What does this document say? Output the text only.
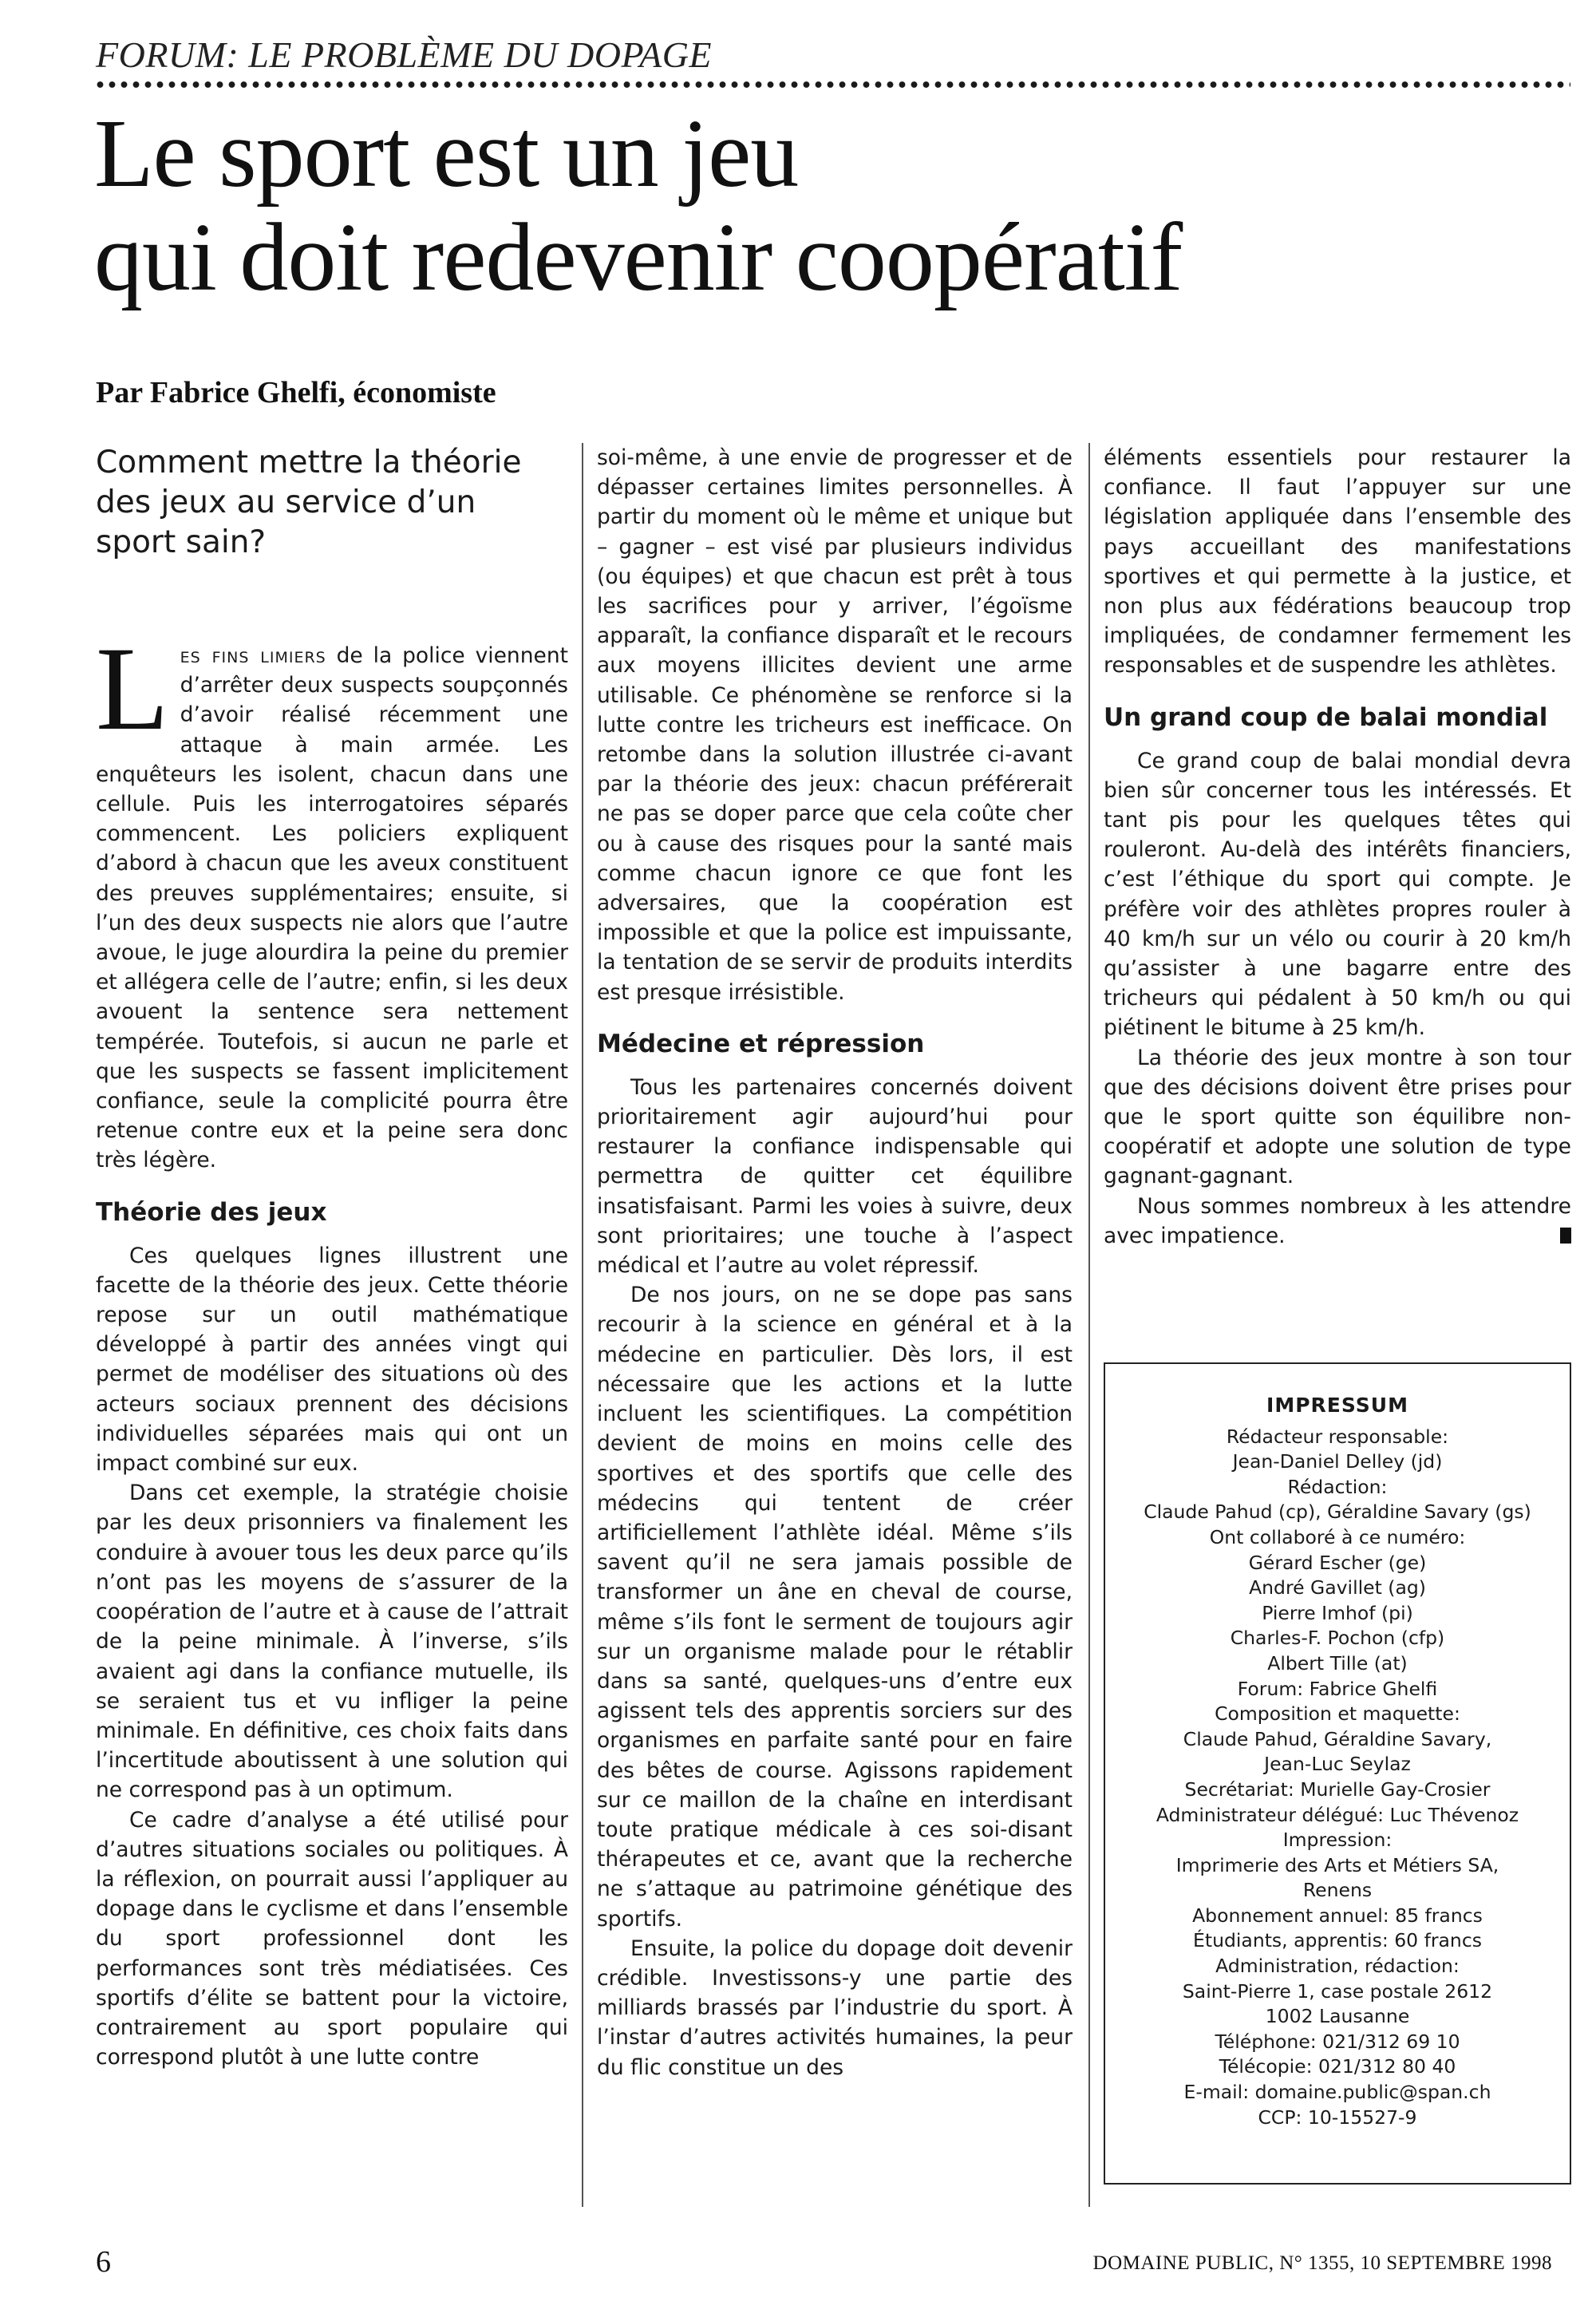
FORUM: LE PROBLÈME DU DOPAGE
Le sport est un jeu
qui doit redevenir coopératif
Par Fabrice Ghelfi, économiste
Comment mettre la théorie
des jeux au service d’un
sport sain?

Les fins limiers de la police viennent d’arrêter deux suspects soupçonnés d’avoir réalisé récemment une attaque à main armée. Les enquêteurs les isolent, chacun dans une cellule. Puis les interrogatoires séparés commencent. Les policiers expliquent d’abord à chacun que les aveux constituent des preuves supplémentaires; ensuite, si l’un des deux suspects nie alors que l’autre avoue, le juge alourdira la peine du premier et allégera celle de l’autre; enfin, si les deux avouent la sentence sera nettement tempérée. Toutefois, si aucun ne parle et que les suspects se fassent implicitement confiance, seule la complicité pourra être retenue contre eux et la peine sera donc très légère.

Théorie des jeux

Ces quelques lignes illustrent une facette de la théorie des jeux. Cette théorie repose sur un outil mathématique développé à partir des années vingt qui permet de modéliser des situations où des acteurs sociaux prennent des décisions individuelles séparées mais qui ont un impact combiné sur eux.

Dans cet exemple, la stratégie choisie par les deux prisonniers va finalement les conduire à avouer tous les deux parce qu’ils n’ont pas les moyens de s’assurer de la coopération de l’autre et à cause de l’attrait de la peine minimale. À l’inverse, s’ils avaient agi dans la confiance mutuelle, ils se seraient tus et vu infliger la peine minimale. En définitive, ces choix faits dans l’incertitude aboutissent à une solution qui ne correspond pas à un optimum.

Ce cadre d’analyse a été utilisé pour d’autres situations sociales ou politiques. À la réflexion, on pourrait aussi l’appliquer au dopage dans le cyclisme et dans l’ensemble du sport professionnel dont les performances sont très médiatisées. Ces sportifs d’élite se battent pour la victoire, contrairement au sport populaire qui correspond plutôt à une lutte contre

soi-même, à une envie de progresser et de dépasser certaines limites personnelles. À partir du moment où le même et unique but – gagner – est visé par plusieurs individus (ou équipes) et que chacun est prêt à tous les sacrifices pour y arriver, l’égoïsme apparaît, la confiance disparaît et le recours aux moyens illicites devient une arme utilisable. Ce phénomène se renforce si la lutte contre les tricheurs est inefficace. On retombe dans la solution illustrée ci-avant par la théorie des jeux: chacun préférerait ne pas se doper parce que cela coûte cher ou à cause des risques pour la santé mais comme chacun ignore ce que font les adversaires, que la coopération est impossible et que la police est impuissante, la tentation de se servir de produits interdits est presque irrésistible.

Médecine et répression

Tous les partenaires concernés doivent prioritairement agir aujourd’hui pour restaurer la confiance indispensable qui permettra de quitter cet équilibre insatisfaisant. Parmi les voies à suivre, deux sont prioritaires; une touche à l’aspect médical et l’autre au volet répressif.

De nos jours, on ne se dope pas sans recourir à la science en général et à la médecine en particulier. Dès lors, il est nécessaire que les actions et la lutte incluent les scientifiques. La compétition devient de moins en moins celle des sportives et des sportifs que celle des médecins qui tentent de créer artificiellement l’athlète idéal. Même s’ils savent qu’il ne sera jamais possible de transformer un âne en cheval de course, même s’ils font le serment de toujours agir sur un organisme malade pour le rétablir dans sa santé, quelques-uns d’entre eux agissent tels des apprentis sorciers sur des organismes en parfaite santé pour en faire des bêtes de course. Agissons rapidement sur ce maillon de la chaîne en interdisant toute pratique médicale à ces soi-disant thérapeutes et ce, avant que la recherche ne s’attaque au patrimoine génétique des sportifs.

Ensuite, la police du dopage doit devenir crédible. Investissons-y une partie des milliards brassés par l’industrie du sport. À l’instar d’autres activités humaines, la peur du flic constitue un des

éléments essentiels pour restaurer la confiance. Il faut l’appuyer sur une législation appliquée dans l’ensemble des pays accueillant des manifestations sportives et qui permette à la justice, et non plus aux fédérations beaucoup trop impliquées, de condamner fermement les responsables et de suspendre les athlètes.

Un grand coup de balai mondial

Ce grand coup de balai mondial devra bien sûr concerner tous les intéressés. Et tant pis pour les quelques têtes qui rouleront. Au-delà des intérêts financiers, c’est l’éthique du sport qui compte. Je préfère voir des athlètes propres rouler à 40 km/h sur un vélo ou courir à 20 km/h qu’assister à une bagarre entre des tricheurs qui pédalent à 50 km/h ou qui piétinent le bitume à 25 km/h.

La théorie des jeux montre à son tour que des décisions doivent être prises pour que le sport quitte son équilibre non-coopératif et adopte une solution de type gagnant-gagnant.

Nous sommes nombreux à les attendre avec impatience.

IMPRESSUM
Rédacteur responsable:
Jean-Daniel Delley (jd)
Rédaction:
Claude Pahud (cp), Géraldine Savary (gs)
Ont collaboré à ce numéro:
Gérard Escher (ge)
André Gavillet (ag)
Pierre Imhof (pi)
Charles-F. Pochon (cfp)
Albert Tille (at)
Forum: Fabrice Ghelfi
Composition et maquette:
Claude Pahud, Géraldine Savary,
Jean-Luc Seylaz
Secrétariat: Murielle Gay-Crosier
Administrateur délégué: Luc Thévenoz
Impression:
Imprimerie des Arts et Métiers SA,
Renens
Abonnement annuel: 85 francs
Étudiants, apprentis: 60 francs
Administration, rédaction:
Saint-Pierre 1, case postale 2612
1002 Lausanne
Téléphone: 021/312 69 10
Télécopie: 021/312 80 40
E-mail: domaine.public@span.ch
CCP: 10-15527-9
6	DOMAINE PUBLIC, N° 1355, 10 SEPTEMBRE 1998
